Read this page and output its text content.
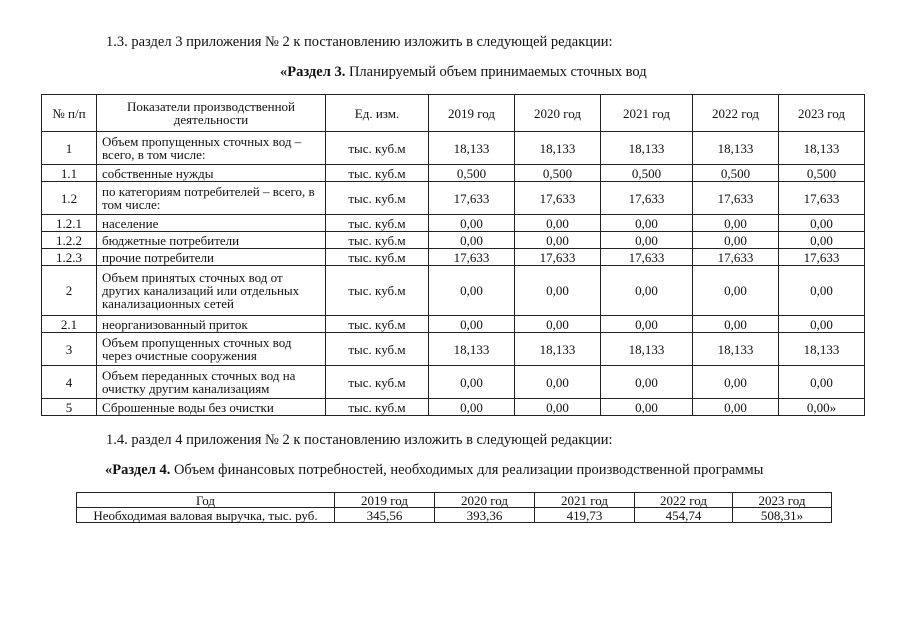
1.3. раздел 3 приложения № 2 к постановлению изложить в следующей редакции:
«Раздел 3. Планируемый объем принимаемых сточных вод
№ п/п	Показатели производственной деятельности	Ед. изм.	2019 год	2020 год	2021 год	2022 год	2023 год
1	Объем пропущенных сточных вод – всего, в том числе:	тыс. куб.м	18,133	18,133	18,133	18,133	18,133
1.1	собственные нужды	тыс. куб.м	0,500	0,500	0,500	0,500	0,500
1.2	по категориям потребителей – всего, в том числе:	тыс. куб.м	17,633	17,633	17,633	17,633	17,633
1.2.1	население	тыс. куб.м	0,00	0,00	0,00	0,00	0,00
1.2.2	бюджетные потребители	тыс. куб.м	0,00	0,00	0,00	0,00	0,00
1.2.3	прочие потребители	тыс. куб.м	17,633	17,633	17,633	17,633	17,633
2	Объем принятых сточных вод от других канализаций или отдельных канализационных сетей	тыс. куб.м	0,00	0,00	0,00	0,00	0,00
2.1	неорганизованный приток	тыс. куб.м	0,00	0,00	0,00	0,00	0,00
3	Объем пропущенных сточных вод через очистные сооружения	тыс. куб.м	18,133	18,133	18,133	18,133	18,133
4	Объем переданных сточных вод на очистку другим канализациям	тыс. куб.м	0,00	0,00	0,00	0,00	0,00
5	Сброшенные воды без очистки	тыс. куб.м	0,00	0,00	0,00	0,00	0,00»
1.4. раздел 4 приложения № 2 к постановлению изложить в следующей редакции:
«Раздел 4. Объем финансовых потребностей, необходимых для реализации производственной программы
Год	2019 год	2020 год	2021 год	2022 год	2023 год
Необходимая валовая выручка, тыс. руб.	345,56	393,36	419,73	454,74	508,31»
